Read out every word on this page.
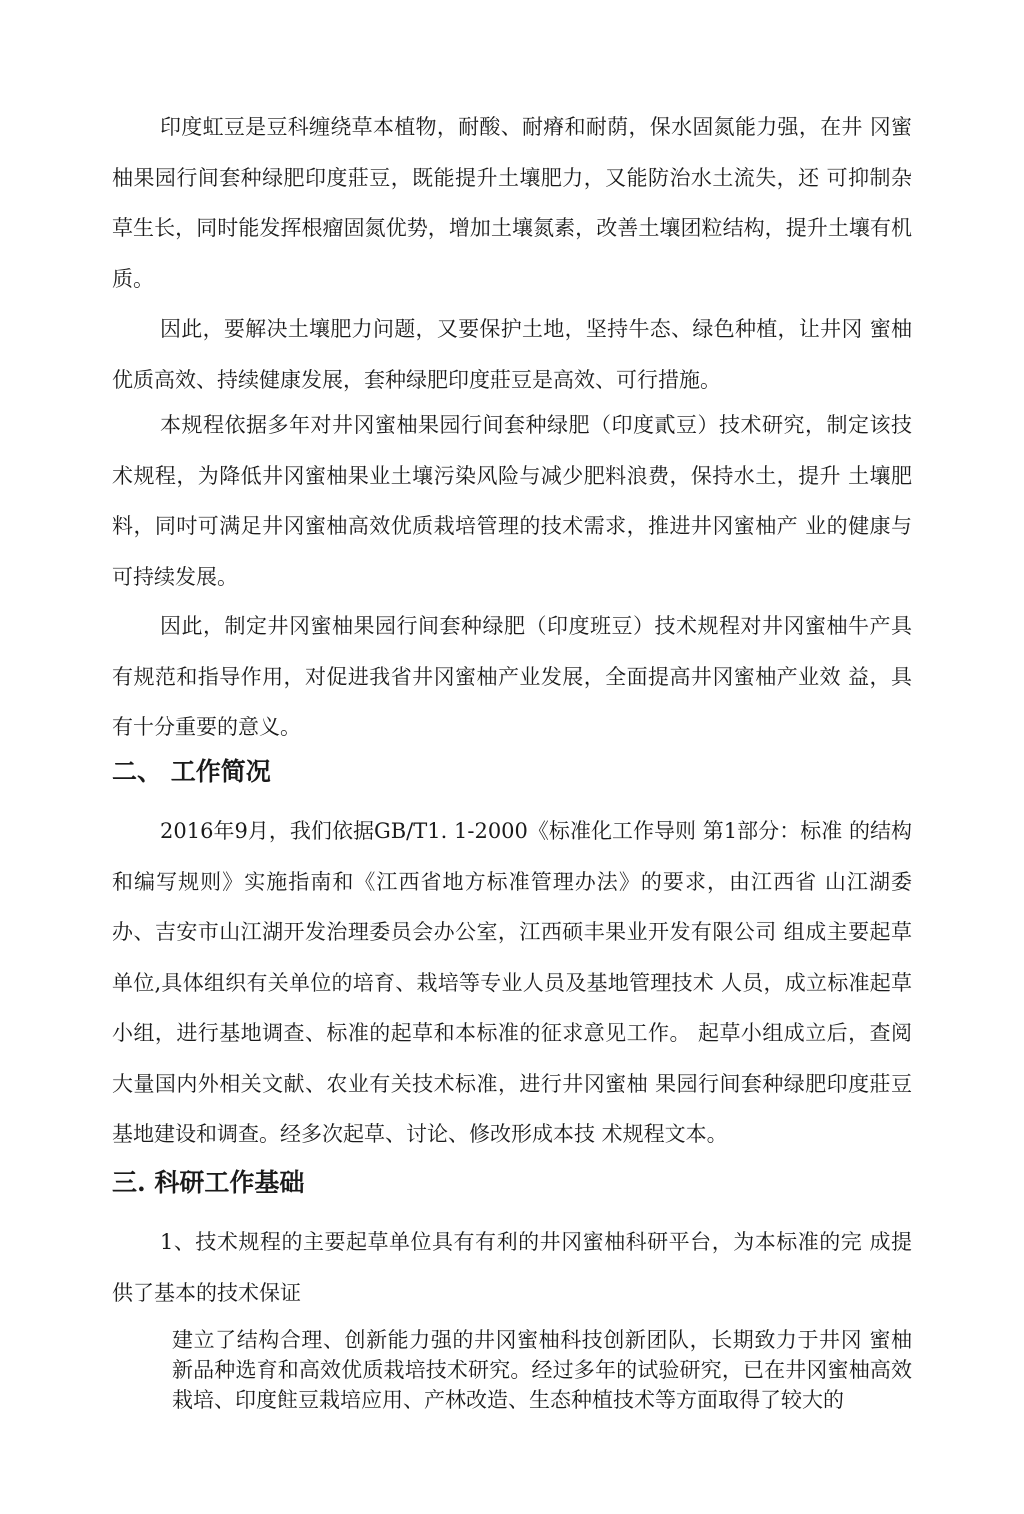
印度虹豆是豆科缠绕草本植物，耐酸、耐瘠和耐荫，保水固氮能力强，在井 冈蜜柚果园行间套种绿肥印度莊豆，既能提升土壤肥力，又能防治水土流失，还 可抑制杂草生长，同时能发挥根瘤固氮优势，增加土壤氮素，改善土壤团粒结构，提升土壤有机质。

因此，要解决土壤肥力问题，又要保护土地，坚持牛态、绿色种植，让井冈 蜜柚优质高效、持续健康发展，套种绿肥印度莊豆是高效、可行措施。

本规程依据多年对井冈蜜柚果园行间套种绿肥（印度貳豆）技术研究，制定该技术规程，为降低井冈蜜柚果业土壤污染风险与减少肥料浪费，保持水土，提升 土壤肥料，同吋可满足井冈蜜柚高效优质栽培管理的技术需求，推进井冈蜜柚产 业的健康与可持续发展。

因此，制定井冈蜜柚果园行间套种绿肥（印度班豆）技术规程对井冈蜜柚牛产具有规范和指导作用，对促进我省井冈蜜柚产业发展，全面提高井冈蜜柚产业效 益，具有十分重要的意义。

二、 工作简况

2016年9月，我们依据GB/T1. 1-2000《标准化工作导则 第1部分：标准 的结构和编写规则》实施指南和《江西省地方标准管理办法》的要求，由江西省 山江湖委办、吉安市山江湖开发治理委员会办公室，江西硕丰果业开发有限公司 组成主要起草单位,具体组织有关单位的培育、栽培等专业人员及基地管理技术 人员，成立标准起草小组，进行基地调查、标准的起草和本标准的征求意见工作。 起草小组成立后，查阅大量国内外相关文献、农业有关技术标准，进行井冈蜜柚 果园行间套种绿肥印度莊豆基地建设和调查。经多次起草、讨论、修改形成本技 术规程文本。

三. 科研工作基础

1、技术规程的主要起草单位具有有利的井冈蜜柚科研平台，为本标准的完 成提供了基本的技术保证

建立了结构合理、创新能力强的井冈蜜柚科技创新团队，长期致力于井冈 蜜柚新品种选育和高效优质栽培技术研究。经过多年的试验研究，已在井冈蜜柚高效栽培、印度飳豆栽培应用、产林改造、生态种植技术等方面取得了较大的
